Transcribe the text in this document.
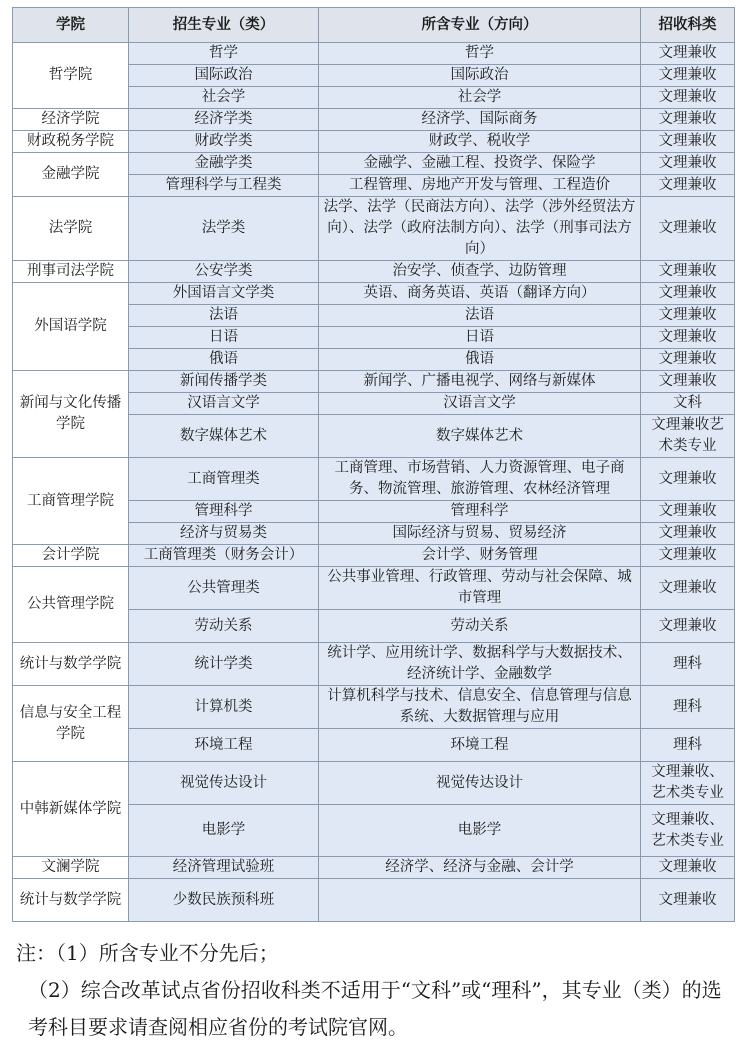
学院	招生专业（类）	所含专业（方向）	招收科类
哲学院	哲学	哲学	文理兼收
	国际政治	国际政治	文理兼收
	社会学	社会学	文理兼收
经济学院	经济学类	经济学、国际商务	文理兼收
财政税务学院	财政学类	财政学、税收学	文理兼收
金融学院	金融学类	金融学、金融工程、投资学、保险学	文理兼收
	管理科学与工程类	工程管理、房地产开发与管理、工程造价	文理兼收
法学院	法学类	法学、法学（民商法方向）、法学（涉外经贸法方向）、法学（政府法制方向）、法学（刑事司法方向）	文理兼收
刑事司法学院	公安学类	治安学、侦查学、边防管理	文理兼收
外国语学院	外国语言文学类	英语、商务英语、英语（翻译方向）	文理兼收
	法语	法语	文理兼收
	日语	日语	文理兼收
	俄语	俄语	文理兼收
新闻与文化传播学院	新闻传播学类	新闻学、广播电视学、网络与新媒体	文理兼收
	汉语言文学	汉语言文学	文科
	数字媒体艺术	数字媒体艺术	文理兼收艺术类专业
工商管理学院	工商管理类	工商管理、市场营销、人力资源管理、电子商务、物流管理、旅游管理、农林经济管理	文理兼收
	管理科学	管理科学	文理兼收
	经济与贸易类	国际经济与贸易、贸易经济	文理兼收
会计学院	工商管理类（财务会计）	会计学、财务管理	文理兼收
公共管理学院	公共管理类	公共事业管理、行政管理、劳动与社会保障、城市管理	文理兼收
	劳动关系	劳动关系	文理兼收
统计与数学学院	统计学类	统计学、应用统计学、数据科学与大数据技术、经济统计学、金融数学	理科
信息与安全工程学院	计算机类	计算机科学与技术、信息安全、信息管理与信息系统、大数据管理与应用	理科
	环境工程	环境工程	理科
中韩新媒体学院	视觉传达设计	视觉传达设计	文理兼收、艺术类专业
	电影学	电影学	文理兼收、艺术类专业
文澜学院	经济管理试验班	经济学、经济与金融、会计学	文理兼收
统计与数学学院	少数民族预科班		文理兼收

注：（1）所含专业不分先后；

（2）综合改革试点省份招收科类不适用于“文科”或“理科”，其专业（类）的选考科目要求请查阅相应省份的考试院官网。
